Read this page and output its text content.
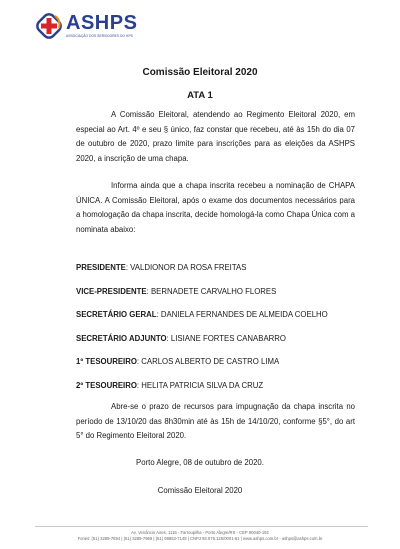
ASHPS
ASSOCIAÇÃO DOS SERVIDORES DO HPS
Comissão Eleitoral 2020
ATA 1

A Comissão Eleitoral, atendendo ao Regimento Eleitoral 2020, em especial ao Art. 4º e seu § único, faz constar que recebeu, até às 15h do dia 07 de outubro de 2020, prazo limite para inscrições para as eleições da ASHPS 2020, a inscrição de uma chapa.

Informa ainda que a chapa inscrita recebeu a nominação de CHAPA ÚNICA. A Comissão Eleitoral, após o exame dos documentos necessários para a homologação da chapa inscrita, decide homologá-la como Chapa Única com a nominata abaixo:

PRESIDENTE: VALDIONOR DA ROSA FREITAS
VICE-PRESIDENTE: BERNADETE CARVALHO FLORES
SECRETÁRIO GERAL: DANIELA FERNANDES DE ALMEIDA COELHO
SECRETÁRIO ADJUNTO: LISIANE FORTES CANABARRO
1º TESOUREIRO: CARLOS ALBERTO DE CASTRO LIMA
2º TESOUREIRO: HELITA PATRICIA SILVA DA CRUZ

Abre-se o prazo de recursos para impugnação da chapa inscrita no período de 13/10/20 das 8h30min até às 15h de 14/10/20, conforme §5°, do art 5° do Regimento Eleitoral 2020.

Porto Alegre, 08 de outubro de 2020.
Comissão Eleitoral 2020
Av. Venâncio Aires, 1116 - Farroupilha - Porto Alegre/RS - CEP 90040-192
Fones: (51) 3289-7694 | (51) 3289-7969 | (51) 99853-7148 | CNPJ 93.075.125/0001-61 | www.ashps.com.br - ashps@ashps.com.br
